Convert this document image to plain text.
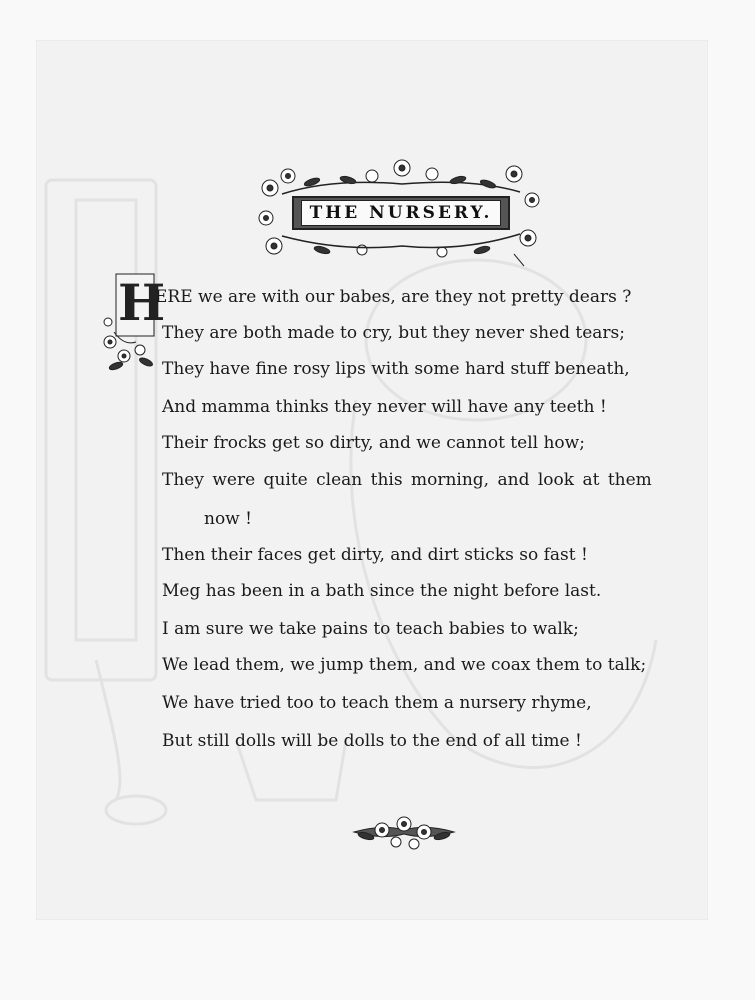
THE NURSERY.
H
ERE we are with our babes, are they not pretty dears ?
They are both made to cry, but they never shed tears;
They have fine rosy lips with some hard stuff beneath,
And mamma thinks they never will have any teeth !
Their frocks get so dirty, and we cannot tell how;
They were quite clean this morning, and look at them
now !
Then their faces get dirty, and dirt sticks so fast !
Meg has been in a bath since the night before last.
I am sure we take pains to teach babies to walk;
We lead them, we jump them, and we coax them to talk;
We have tried too to teach them a nursery rhyme,
But still dolls will be dolls to the end of all time !
